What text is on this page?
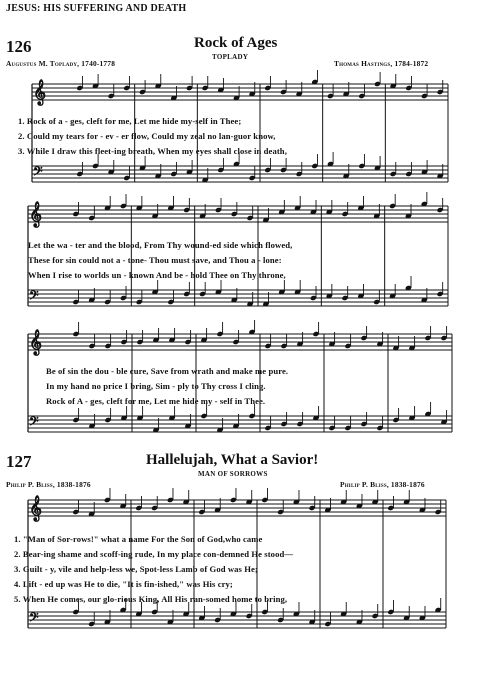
JESUS: HIS SUFFERING AND DEATH
126	Rock of Ages
TOPLADY
Augustus M. Toplady, 1740-1778	Thomas Hastings, 1784-1872
1. Rock of a - ges, cleft for me, Let me hide my-self in Thee;
2. Could my tears for - ev - er flow, Could my zeal no lan-guor know,
3. While I draw this fleet-ing breath, When my eyes shall close in death,
Let the wa - ter and the blood, From Thy wound-ed side which flowed,
These for sin could not a - tone- Thou must save, and Thou a - lone:
When I rise to worlds un - known And be - hold Thee on Thy throne,
Be of sin the dou - ble cure, Save from wrath and make me pure.
In my hand no price I bring, Sim - ply to Thy cross I cling.
Rock of A - ges, cleft for me, Let me hide my - self in Thee.
127	Hallelujah, What a Savior!
MAN OF SORROWS
Philip P. Bliss, 1838-1876	Philip P. Bliss, 1838-1876
1. "Man of Sor-rows!" what a name For the Son of God,who came
2. Bear-ing shame and scoff-ing rude, In my place con-demned He stood—
3. Guilt - y, vile and help-less we, Spot-less Lamb of God was He;
4. Lift - ed up was He to die, "It is fin-ished," was His cry;
5. When He comes, our glo-rious King, All His ran-somed home to bring,
𝄞
𝄢
𝄞
𝄢
𝄞
𝄢
𝄞
𝄢
